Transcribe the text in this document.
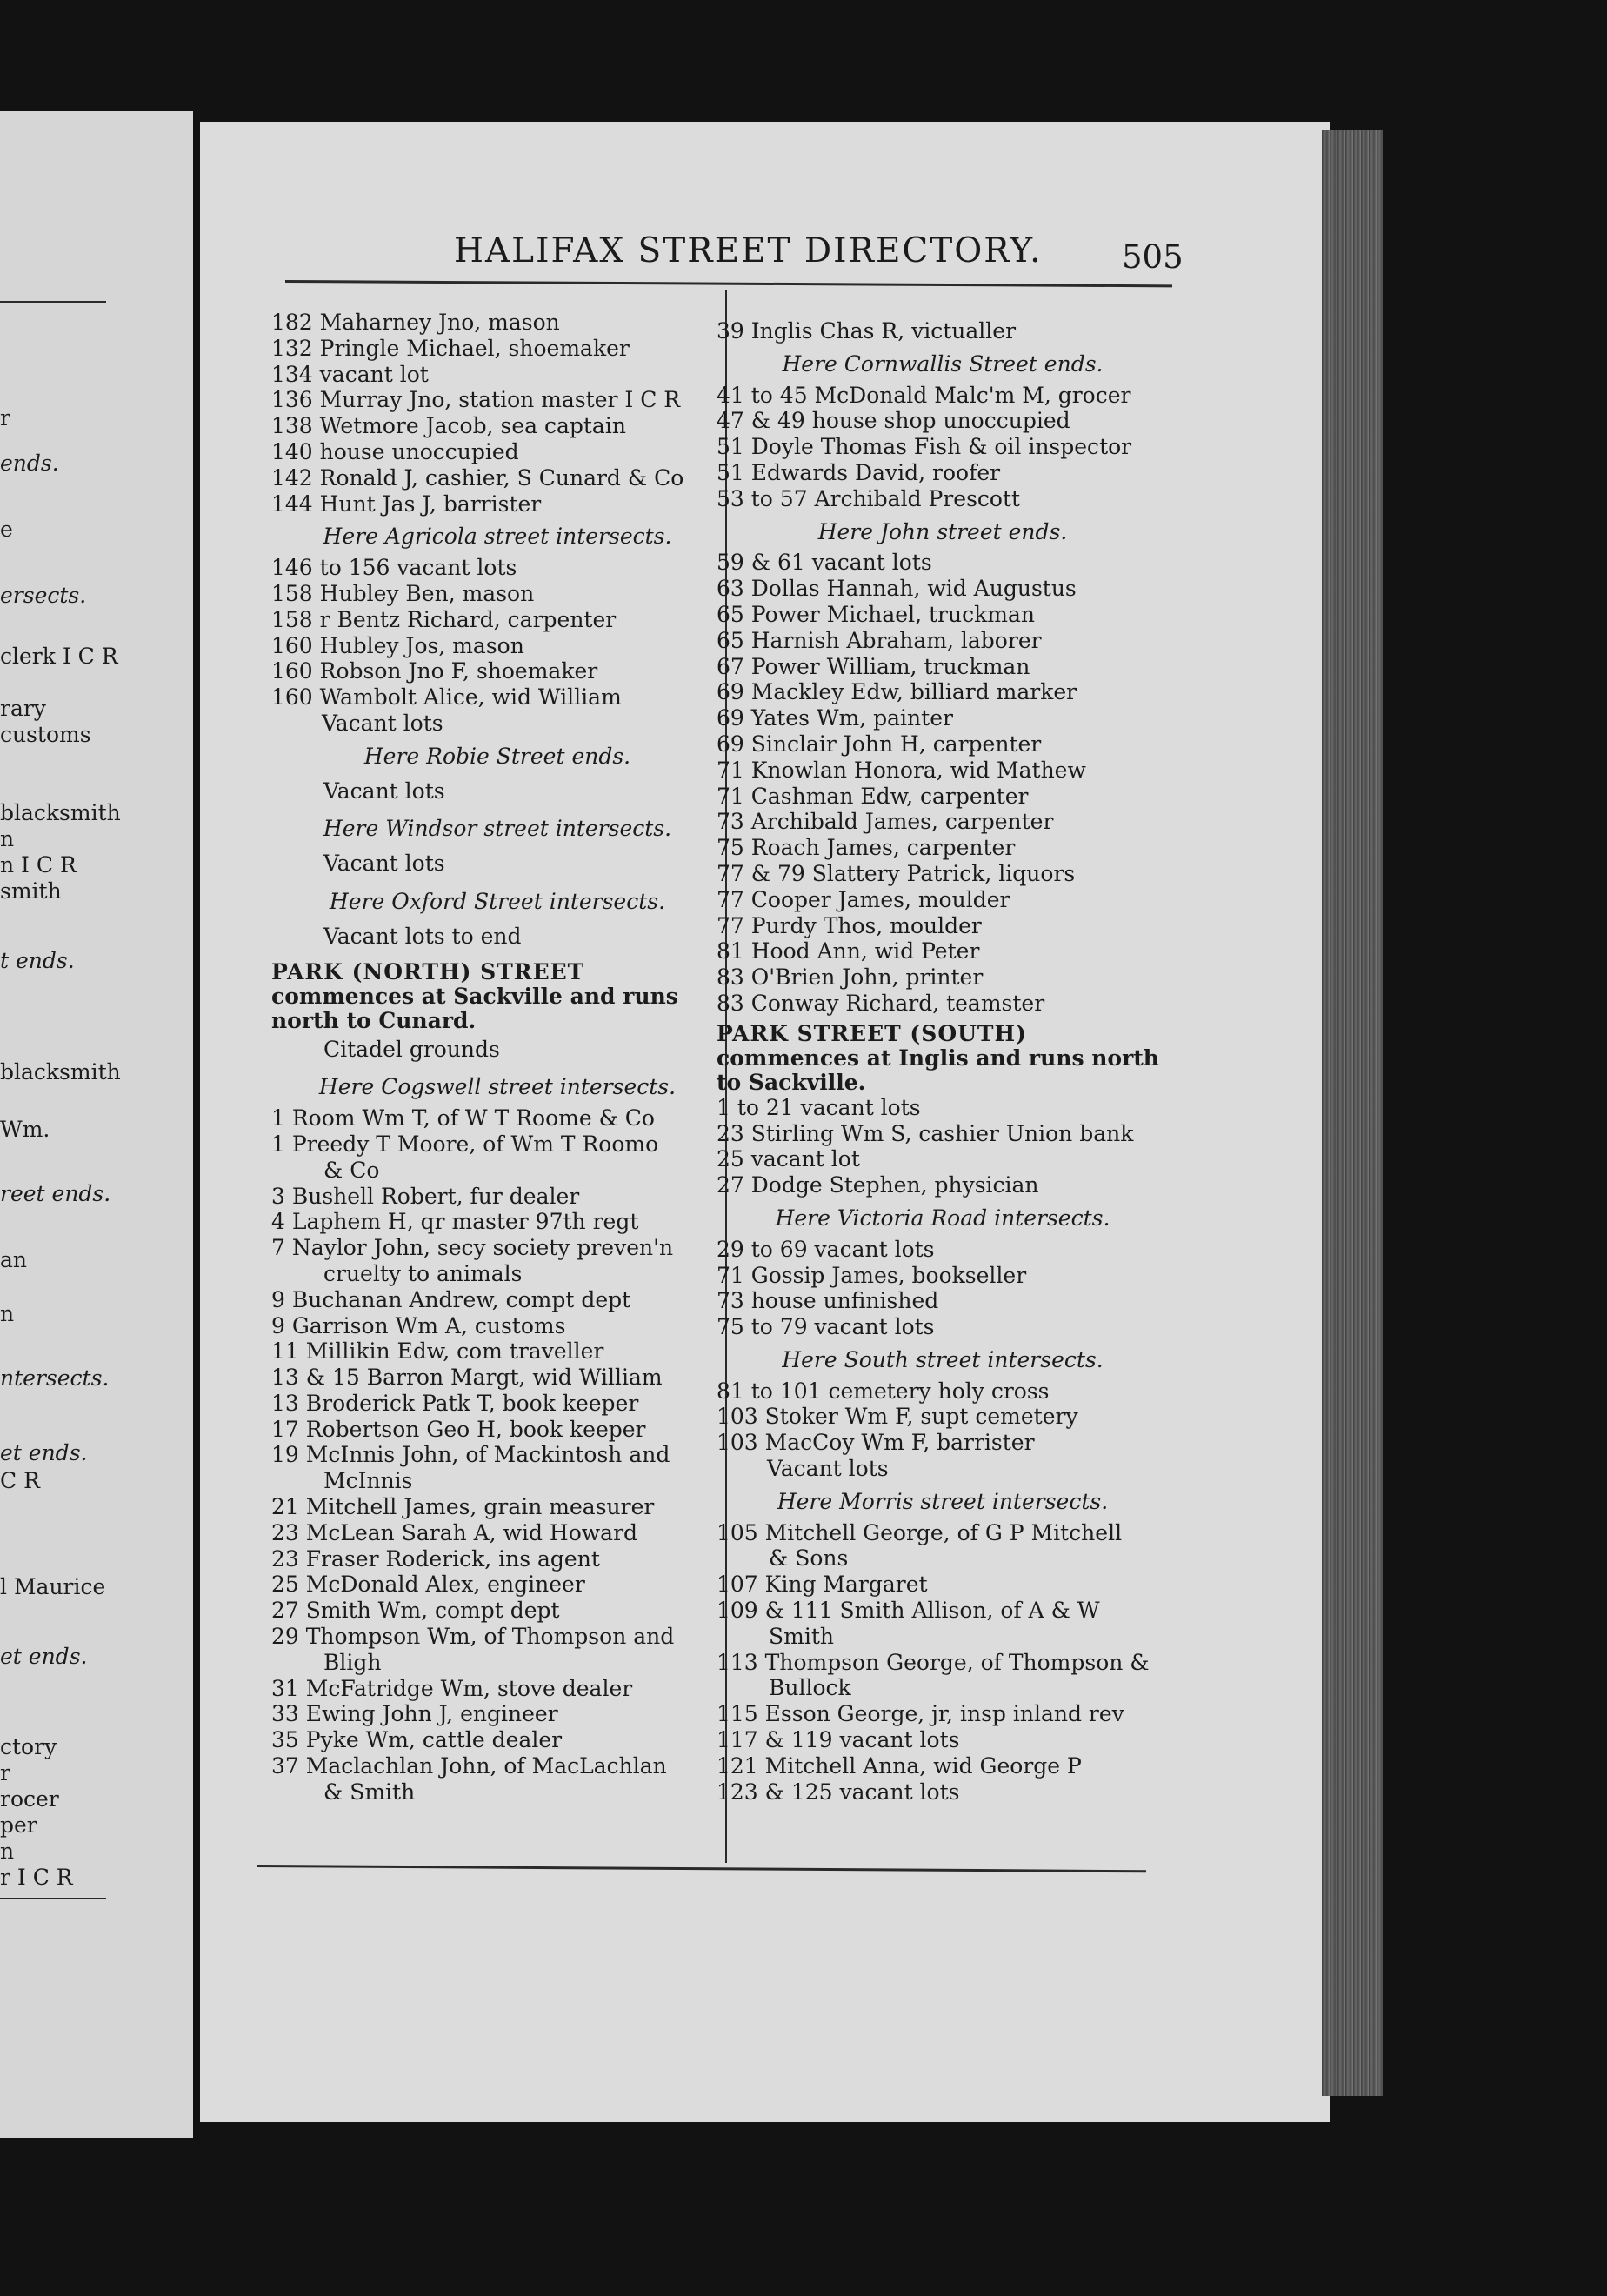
r
ends.
e
ersects.
clerk I C R
rary
customs
blacksmith
n
n I C R
smith
t ends.
blacksmith
Wm.
reet ends.
an
n
ntersects.
et ends.
C R
l Maurice
et ends.
ctory
r
rocer
per
n
r I C R
HALIFAX STREET DIRECTORY. 505
182 Maharney Jno, mason
132 Pringle Michael, shoemaker
134 vacant lot
136 Murray Jno, station master I C R
138 Wetmore Jacob, sea captain
140 house unoccupied
142 Ronald J, cashier, S Cunard & Co
144 Hunt Jas J, barrister
Here Agricola street intersects.
146 to 156 vacant lots
158 Hubley Ben, mason
158 r Bentz Richard, carpenter
160 Hubley Jos, mason
160 Robson Jno F, shoemaker
160 Wambolt Alice, wid William
Vacant lots
Here Robie Street ends.
Vacant lots
Here Windsor street intersects.
Vacant lots
Here Oxford Street intersects.
Vacant lots to end
PARK (NORTH) STREET commences at Sackville and runs north to Cunard.
Citadel grounds
Here Cogswell street intersects.
1 Room Wm T, of W T Roome & Co
1 Preedy T Moore, of Wm T Roomo
& Co
3 Bushell Robert, fur dealer
4 Laphem H, qr master 97th regt
7 Naylor John, secy society preven'n
cruelty to animals
9 Buchanan Andrew, compt dept
9 Garrison Wm A, customs
11 Millikin Edw, com traveller
13 & 15 Barron Margt, wid William
13 Broderick Patk T, book keeper
17 Robertson Geo H, book keeper
19 McInnis John, of Mackintosh and
McInnis
21 Mitchell James, grain measurer
23 McLean Sarah A, wid Howard
23 Fraser Roderick, ins agent
25 McDonald Alex, engineer
27 Smith Wm, compt dept
29 Thompson Wm, of Thompson and
Bligh
31 McFatridge Wm, stove dealer
33 Ewing John J, engineer
35 Pyke Wm, cattle dealer
37 Maclachlan John, of MacLachlan
& Smith
39 Inglis Chas R, victualler
Here Cornwallis Street ends.
41 to 45 McDonald Malc'm M, grocer
47 & 49 house shop unoccupied
51 Doyle Thomas Fish & oil inspector
51 Edwards David, roofer
53 to 57 Archibald Prescott
Here John street ends.
59 & 61 vacant lots
63 Dollas Hannah, wid Augustus
65 Power Michael, truckman
65 Harnish Abraham, laborer
67 Power William, truckman
69 Mackley Edw, billiard marker
69 Yates Wm, painter
69 Sinclair John H, carpenter
71 Knowlan Honora, wid Mathew
71 Cashman Edw, carpenter
73 Archibald James, carpenter
75 Roach James, carpenter
77 & 79 Slattery Patrick, liquors
77 Cooper James, moulder
77 Purdy Thos, moulder
81 Hood Ann, wid Peter
83 O'Brien John, printer
83 Conway Richard, teamster
PARK STREET (SOUTH) commences at Inglis and runs north to Sackville.
1 to 21 vacant lots
23 Stirling Wm S, cashier Union bank
25 vacant lot
27 Dodge Stephen, physician
Here Victoria Road intersects.
29 to 69 vacant lots
71 Gossip James, bookseller
73 house unfinished
75 to 79 vacant lots
Here South street intersects.
81 to 101 cemetery holy cross
103 Stoker Wm F, supt cemetery
103 MacCoy Wm F, barrister
Vacant lots
Here Morris street intersects.
105 Mitchell George, of G P Mitchell
& Sons
107 King Margaret
109 & 111 Smith Allison, of A & W
Smith
113 Thompson George, of Thompson &
Bullock
115 Esson George, jr, insp inland rev
117 & 119 vacant lots
121 Mitchell Anna, wid George P
123 & 125 vacant lots
